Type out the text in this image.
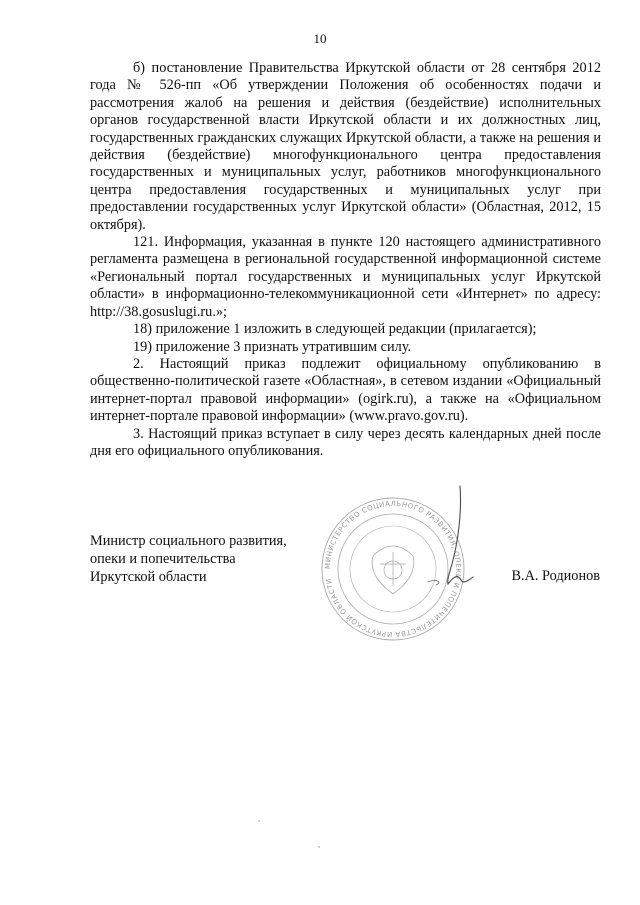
10

б) постановление Правительства Иркутской области от 28 сентября 2012 года № 526-пп «Об утверждении Положения об особенностях подачи и рассмотрения жалоб на решения и действия (бездействие) исполнительных органов государственной власти Иркутской области и их должностных лиц, государственных гражданских служащих Иркутской области, а также на решения и действия (бездействие) многофункционального центра предоставления государственных и муниципальных услуг, работников многофункционального центра предоставления государственных и муниципальных услуг при предоставлении государственных услуг Иркутской области» (Областная, 2012, 15 октября).

121. Информация, указанная в пункте 120 настоящего административного регламента размещена в региональной государственной информационной системе «Региональный портал государственных и муниципальных услуг Иркутской области» в информационно-телекоммуникационной сети «Интернет» по адресу: http://38.gosuslugi.ru.»;

18) приложение 1 изложить в следующей редакции (прилагается);

19) приложение 3 признать утратившим силу.

2. Настоящий приказ подлежит официальному опубликованию в общественно-политической газете «Областная», в сетевом издании «Официальный интернет-портал правовой информации» (ogirk.ru), а также на «Официальном интернет-портале правовой информации» (www.pravo.gov.ru).

3. Настоящий приказ вступает в силу через десять календарных дней после дня его официального опубликования.

МИНИСТЕРСТВО СОЦИАЛЬНОГО РАЗВИТИЯ, ОПЕКИ И ПОПЕЧИТЕЛЬСТВА ИРКУТСКОЙ ОБЛАСТИ
Министр социального развития,
опеки и попечительства
Иркутской области	В.А. Родионов
